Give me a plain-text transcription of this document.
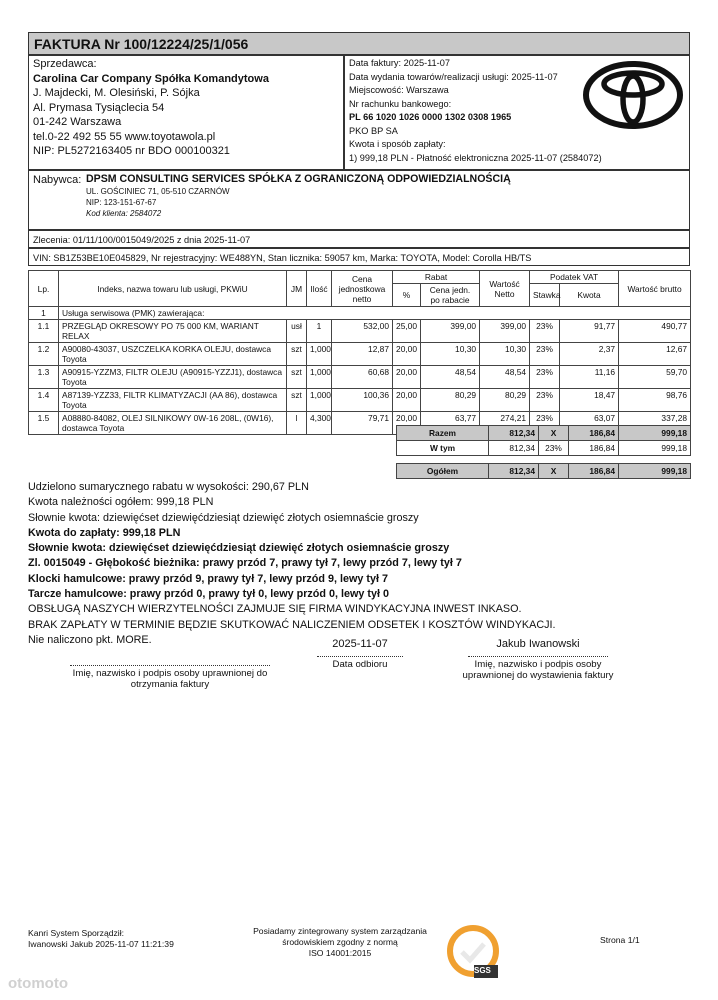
FAKTURA Nr 100/12224/25/1/056
Sprzedawca:
Carolina Car Company Spółka Komandytowa
J. Majdecki, M. Olesiński, P. Sójka
Al. Prymasa Tysiąclecia 54
01-242 Warszawa
tel.0-22 492 55 55 www.toyotawola.pl
NIP: PL5272163405 nr BDO 000100321
Data faktury: 2025-11-07
Data wydania towarów/realizacji usługi: 2025-11-07
Miejscowość: Warszawa
Nr rachunku bankowego:
PL 66 1020 1026 0000 1302 0308 1965
PKO BP SA
Kwota i sposób zapłaty:
1) 999,18 PLN - Płatność elektroniczna 2025-11-07 (2584072)
Nabywca: DPSM CONSULTING SERVICES SPÓŁKA Z OGRANICZONĄ ODPOWIEDZIALNOŚCIĄ
UL. GOŚCINIEC 71, 05-510 CZARNÓW
NIP: 123-151-67-67
Kod klienta: 2584072
Zlecenia: 01/11/100/0015049/2025 z dnia 2025-11-07
VIN: SB1Z53BE10E045829, Nr rejestracyjny: WE488YN, Stan licznika: 59057 km, Marka: TOYOTA, Model: Corolla HB/TS
Lp.	Indeks, nazwa towaru lub usługi, PKWiU	JM	Ilość	Cena jednostkowa netto	Rabat		Wartość Netto	Podatek VAT		Wartość brutto
					%	Cena jedn. po rabacie		Stawka	Kwota	
1	Usługa serwisowa (PMK) zawierająca:									
1.1	PRZEGLĄD OKRESOWY PO 75 000 KM, WARIANT RELAX	usł	1	532,00	25,00	399,00	399,00	23%	91,77	490,77
1.2	A90080-43037, USZCZELKA KORKA OLEJU, dostawca Toyota	szt	1,000	12,87	20,00	10,30	10,30	23%	2,37	12,67
1.3	A90915-YZZM3, FILTR OLEJU (A90915-YZZJ1), dostawca Toyota	szt	1,000	60,68	20,00	48,54	48,54	23%	11,16	59,70
1.4	A87139-YZZ33, FILTR KLIMATYZACJI (AA 86), dostawca Toyota	szt	1,000	100,36	20,00	80,29	80,29	23%	18,47	98,76
1.5	A08880-84082, OLEJ SILNIKOWY 0W-16 208L, (0W16), dostawca Toyota	l	4,300	79,71	20,00	63,77	274,21	23%	63,07	337,28
Razem	812,34	X	186,84	999,18
W tym	812,34	23%	186,84	999,18

Ogółem	812,34	X	186,84	999,18
Udzielono sumarycznego rabatu w wysokości: 290,67 PLN
Kwota należności ogółem: 999,18 PLN
Słownie kwota: dziewięćset dziewięćdziesiąt dziewięć złotych osiemnaście groszy
Kwota do zapłaty: 999,18 PLN
Słownie kwota: dziewięćset dziewięćdziesiąt dziewięć złotych osiemnaście groszy
Zl. 0015049 - Głębokość bieżnika: prawy przód 7, prawy tył 7, lewy przód 7, lewy tył 7
Klocki hamulcowe: prawy przód 9, prawy tył 7, lewy przód 9, lewy tył 7
Tarcze hamulcowe: prawy przód 0, prawy tył 0, lewy przód 0, lewy tył 0
OBSŁUGĄ NASZYCH WIERZYTELNOŚCI ZAJMUJE SIĘ FIRMA WINDYKACYJNA INWEST INKASO.
BRAK ZAPŁATY W TERMINIE BĘDZIE SKUTKOWAĆ NALICZENIEM ODSETEK I KOSZTÓW WINDYKACJI.
Nie naliczono pkt. MORE.
Imię, nazwisko i podpis osoby uprawnionej do otrzymania faktury
2025-11-07
Data odbioru
Jakub Iwanowski
Imię, nazwisko i podpis osoby uprawnionej do wystawienia faktury
Kanri System Sporządził:
Iwanowski Jakub 2025-11-07 11:21:39
Posiadamy zintegrowany system zarządzania
środowiskiem zgodny z normą
ISO 14001:2015
SGS
Strona 1/1
otomoto
